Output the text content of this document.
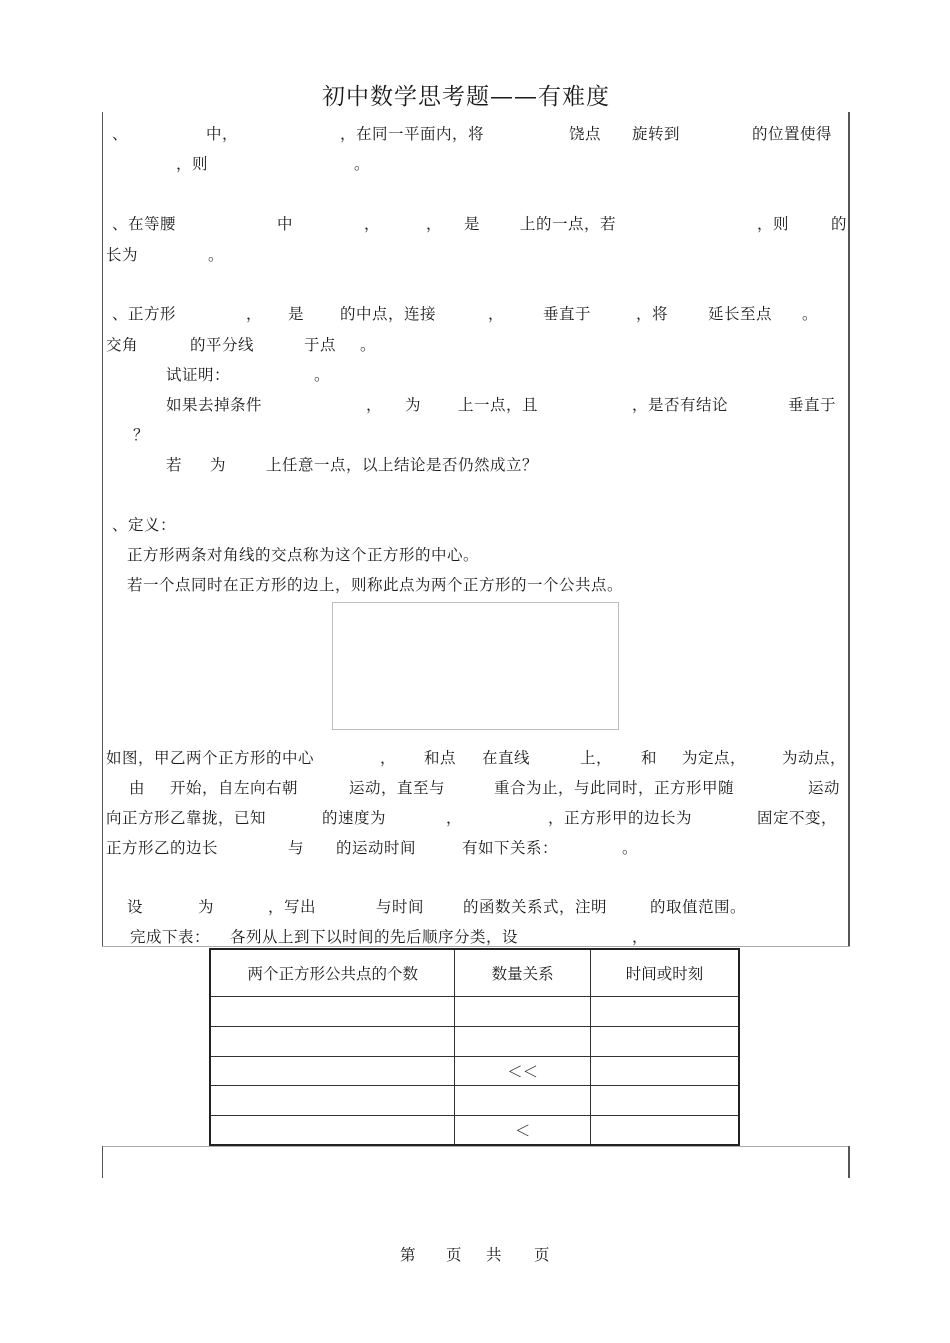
初中数学思考题——有难度
、	中，	，在同一平面内，将	饶点 旋转到	的位置使得
，则	。
、在等腰	中	，	， 是	上的一点，若	，则	的
长为	。
、正方形	， 是 的中点，连接	，	垂直于	，将	延长至点 。
交角	的平分线	于点 。
试证明：	。
如果去掉条件	， 为 上一点，且	，是否有结论	垂直于
？
若 为	上任意一点，以上结论是否仍然成立？
、定义：
正方形两条对角线的交点称为这个正方形的中心。
若一个点同时在正方形的边上，则称此点为两个正方形的一个公共点。
如图，甲乙两个正方形的中心	， 和点 在直线	上， 和 为定点， 为动点，
由 开始，自左向右朝	运动，直至与	重合为止，与此同时，正方形甲随	运动
向正方形乙靠拢，已知	的速度为	，	，正方形甲的边长为	固定不变，
正方形乙的边长	与 的运动时间	有如下关系：	。
设	为	，写出	与时间	的函数关系式，注明	的取值范围。
完成下表： 各列从上到下以时间的先后顺序分类，设	，
两个正方形公共点的个数	数量关系	时间或时刻

	＜＜	

	＜	
第 页 共 页
